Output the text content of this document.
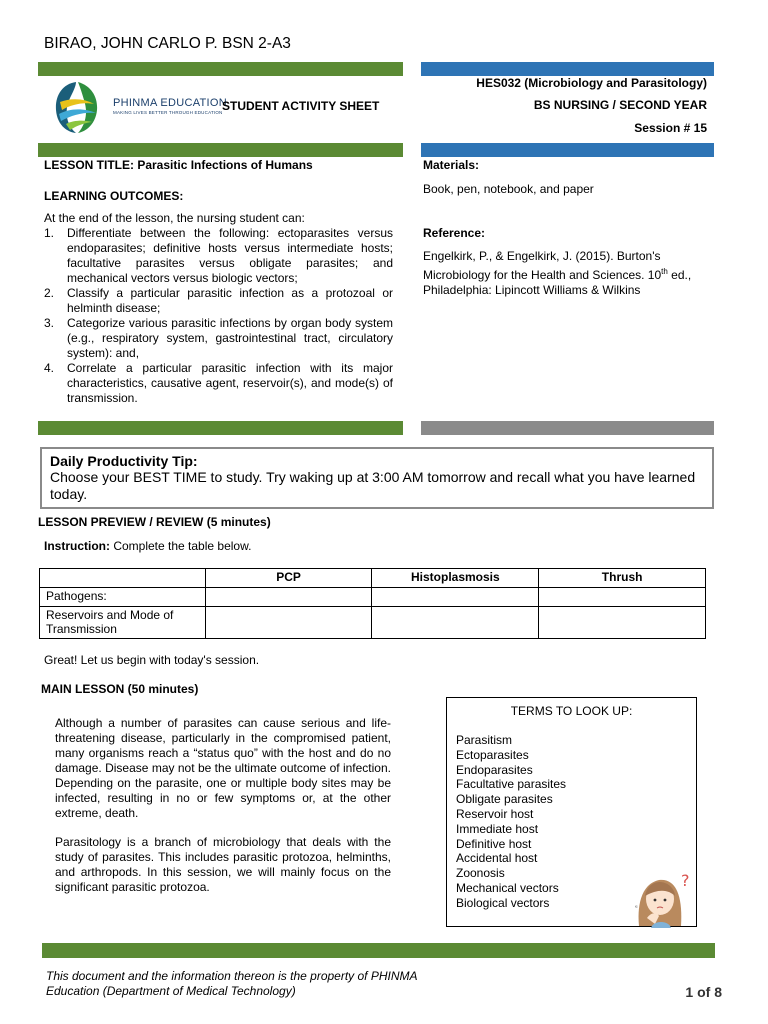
BIRAO, JOHN CARLO P. BSN 2-A3
PHINMA EDUCATION
MAKING LIVES BETTER THROUGH EDUCATION STUDENT ACTIVITY SHEET
HES032 (Microbiology and Parasitology)
BS NURSING / SECOND YEAR
Session # 15
LESSON TITLE: Parasitic Infections of Humans
LEARNING OUTCOMES:
At the end of the lesson, the nursing student can:
1. Differentiate between the following: ectoparasites versus endoparasites; definitive hosts versus intermediate hosts; facultative parasites versus obligate parasites; and mechanical vectors versus biologic vectors;
2. Classify a particular parasitic infection as a protozoal or helminth disease;
3. Categorize various parasitic infections by organ body system (e.g., respiratory system, gastrointestinal tract, circulatory system): and,
4. Correlate a particular parasitic infection with its major characteristics, causative agent, reservoir(s), and mode(s) of transmission.
Materials:
Book, pen, notebook, and paper
Reference:
Engelkirk, P., & Engelkirk, J. (2015). Burton's Microbiology for the Health and Sciences. 10th ed., Philadelphia: Lipincott Williams & Wilkins
Daily Productivity Tip:
Choose your BEST TIME to study. Try waking up at 3:00 AM tomorrow and recall what you have learned today.
LESSON PREVIEW / REVIEW (5 minutes)
Instruction: Complete the table below.
	PCP	Histoplasmosis	Thrush
Pathogens:			
Reservoirs and Mode of Transmission			
Great! Let us begin with today's session.
MAIN LESSON (50 minutes)
Although a number of parasites can cause serious and life-threatening disease, particularly in the compromised patient, many organisms reach a “status quo” with the host and do no damage. Disease may not be the ultimate outcome of infection. Depending on the parasite, one or multiple body sites may be infected, resulting in no or few symptoms or, at the other extreme, death.
Parasitology is a branch of microbiology that deals with the study of parasites. This includes parasitic protozoa, helminths, and arthropods. In this session, we will mainly focus on the significant parasitic protozoa.
TERMS TO LOOK UP:
Parasitism
Ectoparasites
Endoparasites
Facultative parasites
Obligate parasites
Reservoir host
Immediate host
Definitive host
Accidental host
Zoonosis
Mechanical vectors
Biological vectors
?
ᵉ
This document and the information thereon is the property of PHINMA Education (Department of Medical Technology)	1 of 8
